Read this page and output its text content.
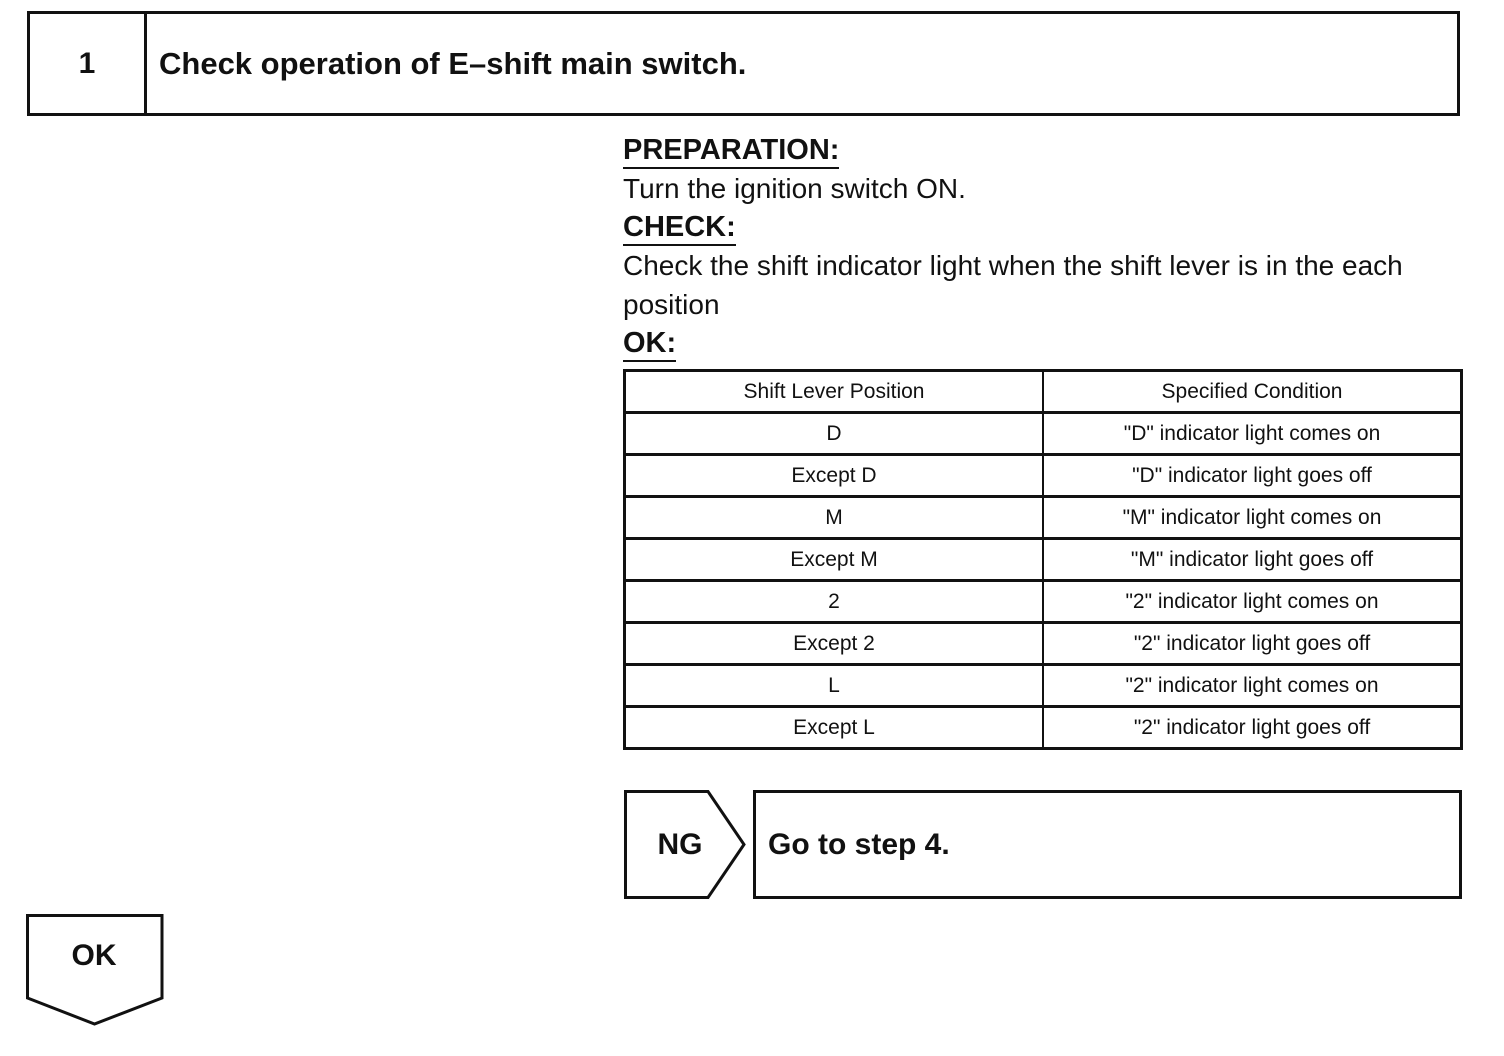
1	Check operation of E–shift main switch.
PREPARATION:
Turn the ignition switch ON.
CHECK:
Check the shift indicator light when the shift lever is in the each
position
OK:
Shift Lever Position	Specified Condition
D	"D" indicator light comes on
Except D	"D" indicator light goes off
M	"M" indicator light comes on
Except M	"M" indicator light goes off
2	"2" indicator light comes on
Except 2	"2" indicator light goes off
L	"2" indicator light comes on
Except L	"2" indicator light goes off
NG	Go to step 4.
OK
